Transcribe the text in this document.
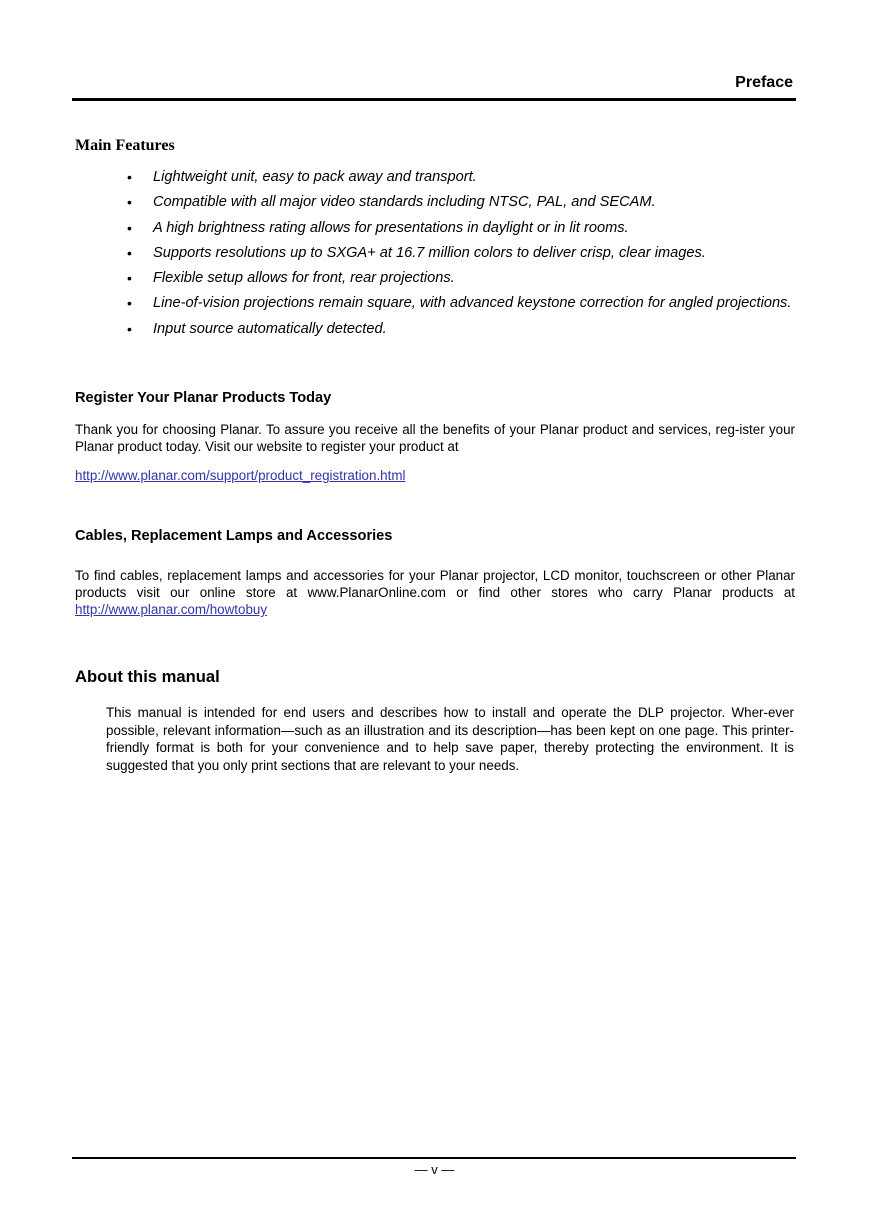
Preface
Main Features
• Lightweight unit, easy to pack away and transport.
• Compatible with all major video standards including NTSC, PAL, and SECAM.
• A high brightness rating allows for presentations in daylight or in lit rooms.
• Supports resolutions up to SXGA+ at 16.7 million colors to deliver crisp, clear images.
• Flexible setup allows for front, rear projections.
• Line-of-vision projections remain square, with advanced keystone correction for angled projections.
• Input source automatically detected.
Register Your Planar Products Today
Thank you for choosing Planar. To assure you receive all the benefits of your Planar product and services, reg-ister your Planar product today. Visit our website to register your product at
http://www.planar.com/support/product_registration.html
Cables, Replacement Lamps and Accessories
To find cables, replacement lamps and accessories for your Planar projector, LCD monitor, touchscreen or other Planar products visit our online store at www.PlanarOnline.com or find other stores who carry Planar products at http://www.planar.com/howtobuy
About this manual
This manual is intended for end users and describes how to install and operate the DLP projector. Wher-ever possible, relevant information—such as an illustration and its description—has been kept on one page. This printer-friendly format is both for your convenience and to help save paper, thereby protecting the environment. It is suggested that you only print sections that are relevant to your needs.
— v —
